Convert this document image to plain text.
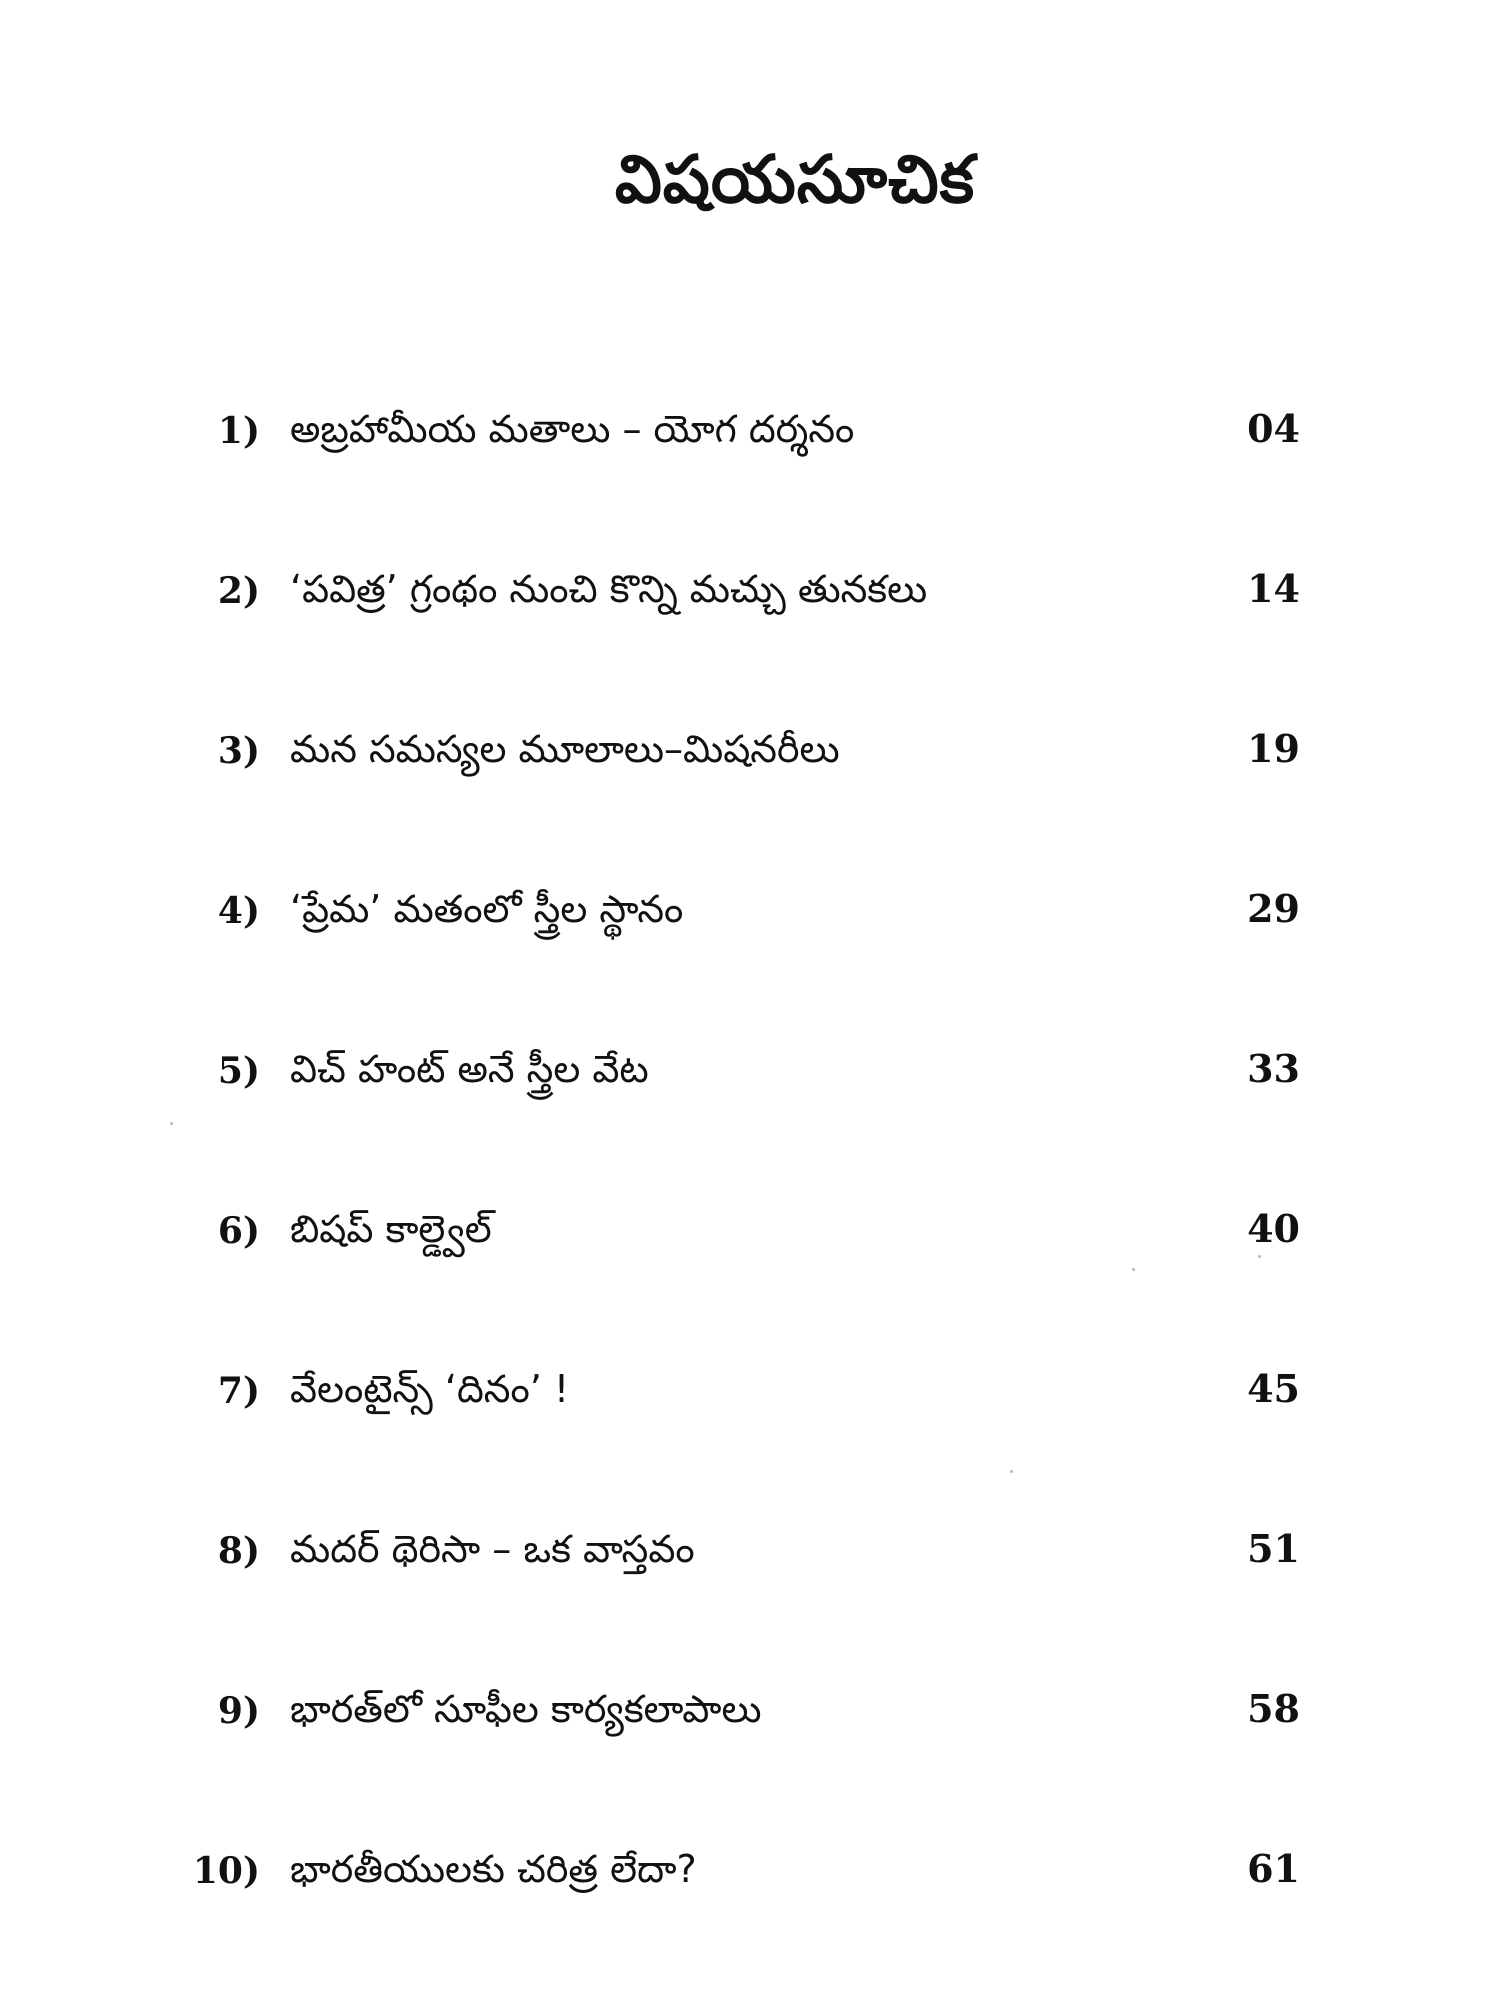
విషయసూచిక
1) అబ్రహామీయ మతాలు – యోగ దర్శనం	04
2) ‘పవిత్ర’ గ్రంథం నుంచి కొన్ని మచ్చు తునకలు	14
3) మన సమస్యల మూలాలు–మిషనరీలు	19
4) ‘ప్రేమ’ మతంలో స్త్రీల స్థానం	29
5) విచ్ హంట్ అనే స్త్రీల వేట	33
6) బిషప్ కాల్డ్వెల్	40
7) వేలంటైన్స్ ‘దినం’ !	45
8) మదర్ థెరిసా – ఒక వాస్తవం	51
9) భారత్‌లో సూఫీల కార్యకలాపాలు	58
10) భారతీయులకు చరిత్ర లేదా?	61
